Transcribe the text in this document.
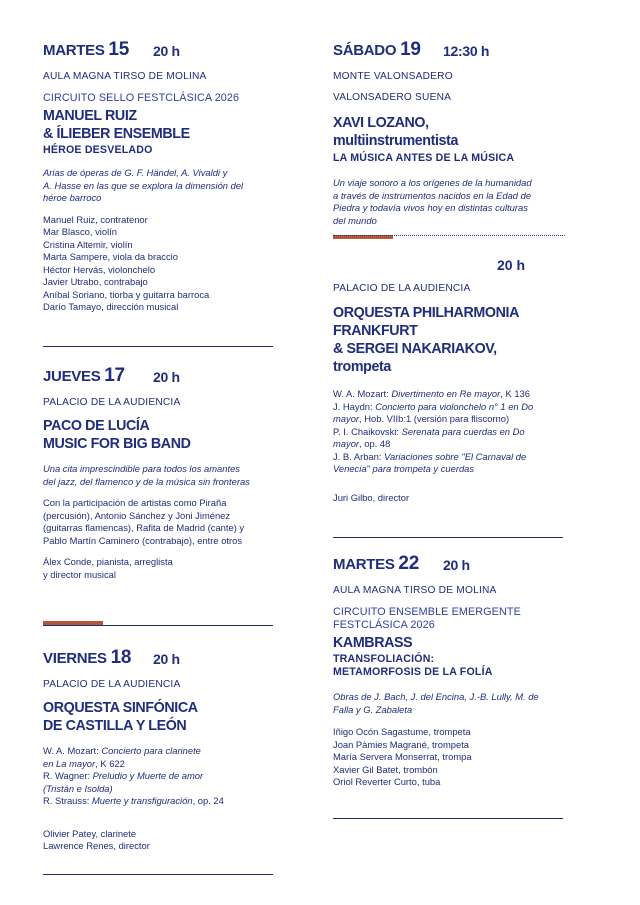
MARTES 15 20 h
AULA MAGNA TIRSO DE MOLINA
CIRCUITO SELLO FESTCLÁSICA 2026
MANUEL RUIZ
& ÍLIEBER ENSEMBLE
HÉROE DESVELADO
Arias de óperas de G. F. Händel, A. Vivaldi y
A. Hasse en las que se explora la dimensión del
héroe barroco
Manuel Ruiz, contratenor
Mar Blasco, violín
Cristina Altemir, violín
Marta Sampere, viola da braccio
Héctor Hervás, violonchelo
Javier Utrabo, contrabajo
Aníbal Soriano, tiorba y guitarra barroca
Darío Tamayo, dirección musical
JUEVES 17 20 h
PALACIO DE LA AUDIENCIA
PACO DE LUCÍA
MUSIC FOR BIG BAND
Una cita imprescindible para todos los amantes
del jazz, del flamenco y de la música sin fronteras
Con la participación de artistas como Piraña
(percusión), Antonio Sánchez y Joni Jiménez
(guitarras flamencas), Rafita de Madrid (cante) y
Pablo Martín Caminero (contrabajo), entre otros
Álex Conde, pianista, arreglista
y director musical
VIERNES 18 20 h
PALACIO DE LA AUDIENCIA
ORQUESTA SINFÓNICA
DE CASTILLA Y LEÓN
W. A. Mozart: Concierto para clarinete
en La mayor, K 622
R. Wagner: Preludio y Muerte de amor
(Tristán e Isolda)
R. Strauss: Muerte y transfiguración, op. 24
Olivier Patey, clarinete
Lawrence Renes, director
SÁBADO 19 12:30 h
MONTE VALONSADERO
VALONSADERO SUENA
XAVI LOZANO, multiinstrumentista
LA MÚSICA ANTES DE LA MÚSICA
Un viaje sonoro a los orígenes de la humanidad
a través de instrumentos nacidos en la Edad de
Piedra y todavía vivos hoy en distintas culturas
del mundo
20 h
PALACIO DE LA AUDIENCIA
ORQUESTA PHILHARMONIA
FRANKFURT
& SERGEI NAKARIAKOV,
trompeta
W. A. Mozart: Divertimento en Re mayor, K 136
J. Haydn: Concierto para violonchelo n° 1 en Do
mayor, Hob. VIIb:1 (versión para fliscorno)
P. I. Chaikovski: Serenata para cuerdas en Do
mayor, op. 48
J. B. Arban: Variaciones sobre "El Carnaval de
Venecia" para trompeta y cuerdas
Juri Gilbo, director
MARTES 22 20 h
AULA MAGNA TIRSO DE MOLINA
CIRCUITO ENSEMBLE EMERGENTE
FESTCLÁSICA 2026
KAMBRASS
TRANSFOLIACIÓN:
METAMORFOSIS DE LA FOLÍA
Obras de J. Bach, J. del Encina, J.-B. Lully, M. de
Falla y G. Zabaleta
Iñigo Ocón Sagastume, trompeta
Joan Pàmies Magrané, trompeta
María Servera Monserrat, trompa
Xavier Gil Batet, trombón
Oriol Reverter Curto, tuba
